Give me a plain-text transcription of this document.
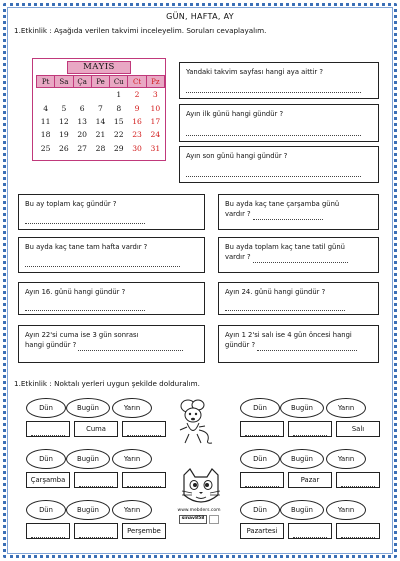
GÜN, HAFTA, AY
1.Etkinlik : Aşağıda verilen takvimi inceleyelim. Soruları cevaplayalım.
MAYIS
Pt	Sa	Ça	Pe	Cu	Ct	Pz
				1	2	3
4	5	6	7	8	9	10
11	12	13	14	15	16	17
18	19	20	21	22	23	24
25	26	27	28	29	30	31
Yandaki takvim sayfası hangi aya aittir ?
Ayın ilk günü hangi gündür ?
Ayın son günü hangi gündür ?
Bu ay toplam kaç gündür ?	Bu ayda kaç tane çarşamba günü
vardır ?
Bu ayda kaç tane tam hafta vardır ?	Bu ayda toplam kaç tane tatil günü
vardır ?
Ayın 16. günü hangi gündür ?	Ayın 24. günü hangi gündür ?
Ayın 22'si cuma ise 3 gün sonrası
hangi gündür ?
Ayın 1 2'si salı ise 4 gün öncesi hangi
gündür ?
1.Etkinlik : Noktalı yerleri uygun şekilde dolduralım.
Dün	Bugün	Yarın
Cuma
Dün	Bugün	Yarın
Salı
Dün	Bugün	Yarın
Çarşamba
Dün	Bugün	Yarın
Pazar
Dün	Bugün	Yarın
Perşembe
Dün	Bugün	Yarın
Pazartesi
www.mebders.com
sinav858
